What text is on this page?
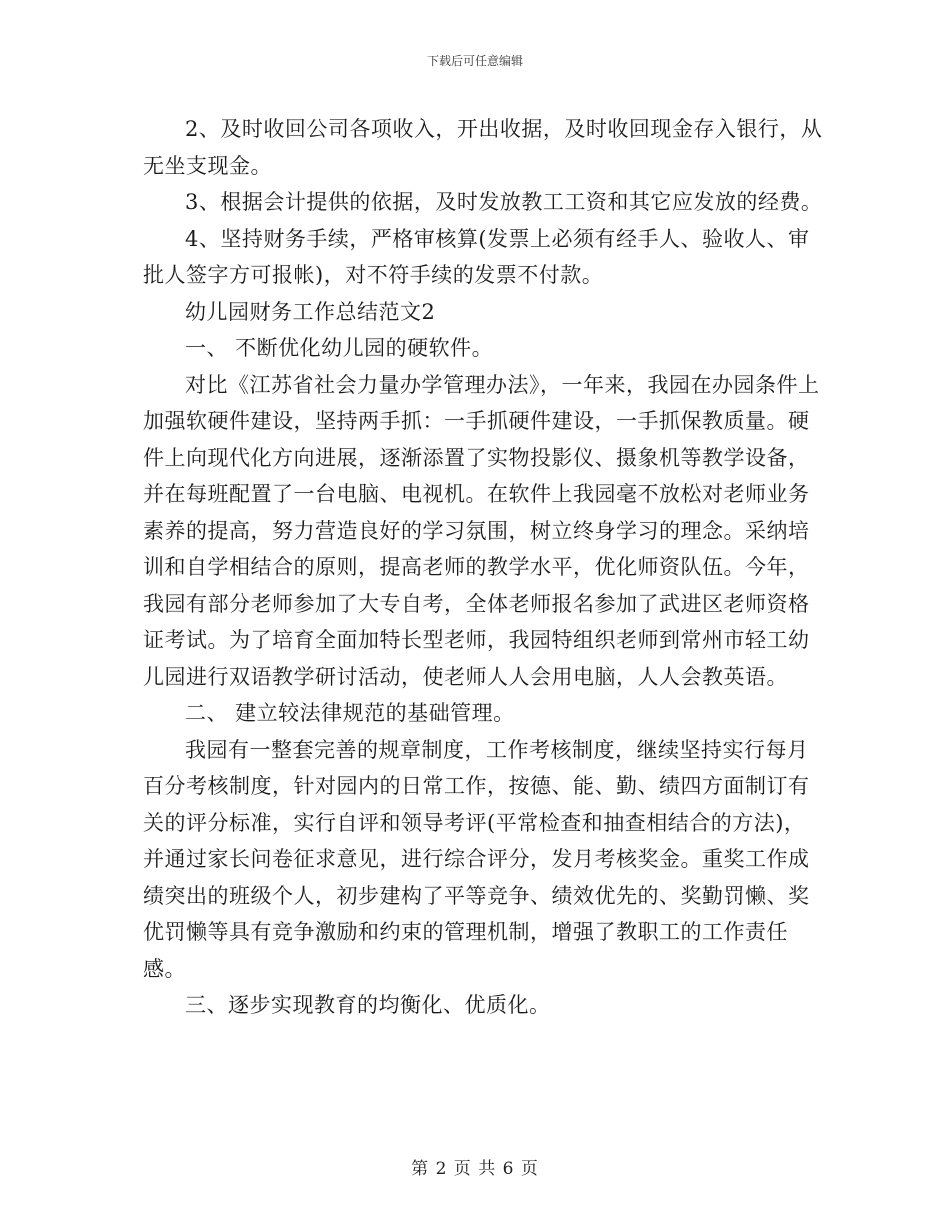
下载后可任意编辑

2、及时收回公司各项收入，开出收据，及时收回现金存入银行，从无坐支现金。

3、根据会计提供的依据，及时发放教工工资和其它应发放的经费。

4、坚持财务手续，严格审核算(发票上必须有经手人、验收人、审批人签字方可报帐)，对不符手续的发票不付款。

幼儿园财务工作总结范文2

一、 不断优化幼儿园的硬软件。

对比《江苏省社会力量办学管理办法》，一年来，我园在办园条件上加强软硬件建设，坚持两手抓：一手抓硬件建设，一手抓保教质量。硬件上向现代化方向进展，逐渐添置了实物投影仪、摄象机等教学设备，并在每班配置了一台电脑、电视机。在软件上我园毫不放松对老师业务素养的提高，努力营造良好的学习氛围，树立终身学习的理念。采纳培训和自学相结合的原则，提高老师的教学水平，优化师资队伍。今年，我园有部分老师参加了大专自考，全体老师报名参加了武进区老师资格证考试。为了培育全面加特长型老师，我园特组织老师到常州市轻工幼儿园进行双语教学研讨活动，使老师人人会用电脑，人人会教英语。

二、 建立较法律规范的基础管理。

我园有一整套完善的规章制度，工作考核制度，继续坚持实行每月百分考核制度，针对园内的日常工作，按德、能、勤、绩四方面制订有关的评分标准，实行自评和领导考评(平常检查和抽查相结合的方法)，并通过家长问卷征求意见，进行综合评分，发月考核奖金。重奖工作成绩突出的班级个人，初步建构了平等竞争、绩效优先的、奖勤罚懒、奖优罚懒等具有竞争激励和约束的管理机制，增强了教职工的工作责任感。

三、逐步实现教育的均衡化、优质化。

第 2 页 共 6 页
